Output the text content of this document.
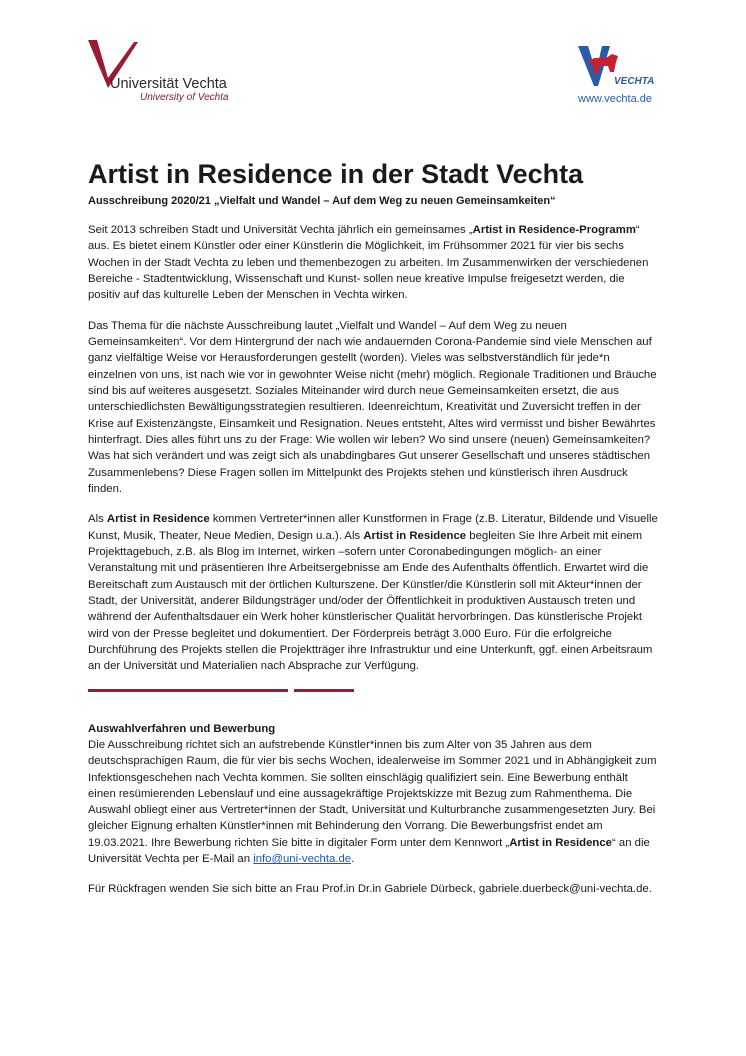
Universität Vechta
University of Vechta
VECHTA
www.vechta.de
Artist in Residence in der Stadt Vechta
Ausschreibung 2020/21 „Vielfalt und Wandel – Auf dem Weg zu neuen Gemeinsamkeiten“

Seit 2013 schreiben Stadt und Universität Vechta jährlich ein gemeinsames „Artist in Residence-Programm“ aus. Es bietet einem Künstler oder einer Künstlerin die Möglichkeit, im Frühsommer 2021 für vier bis sechs Wochen in der Stadt Vechta zu leben und themenbezogen zu arbeiten. Im Zusammenwirken der verschiedenen Bereiche - Stadtentwicklung, Wissenschaft und Kunst- sollen neue kreative Impulse freigesetzt werden, die positiv auf das kulturelle Leben der Menschen in Vechta wirken.

Das Thema für die nächste Ausschreibung lautet „Vielfalt und Wandel – Auf dem Weg zu neuen Gemeinsamkeiten“. Vor dem Hintergrund der nach wie andauernden Corona-Pandemie sind viele Menschen auf ganz vielfältige Weise vor Herausforderungen gestellt (worden). Vieles was selbstverständlich für jede*n einzelnen von uns, ist nach wie vor in gewohnter Weise nicht (mehr) möglich. Regionale Traditionen und Bräuche sind bis auf weiteres ausgesetzt. Soziales Miteinander wird durch neue Gemeinsamkeiten ersetzt, die aus unterschiedlichsten Bewältigungsstrategien resultieren. Ideenreichtum, Kreativität und Zuversicht treffen in der Krise auf Existenzängste, Einsamkeit und Resignation. Neues entsteht, Altes wird vermisst und bisher Bewährtes hinterfragt. Dies alles führt uns zu der Frage: Wie wollen wir leben? Wo sind unsere (neuen) Gemeinsamkeiten? Was hat sich verändert und was zeigt sich als unabdingbares Gut unserer Gesellschaft und unseres städtischen Zusammenlebens? Diese Fragen sollen im Mittelpunkt des Projekts stehen und künstlerisch ihren Ausdruck finden.

Als Artist in Residence kommen Vertreter*innen aller Kunstformen in Frage (z.B. Literatur, Bildende und Visuelle Kunst, Musik, Theater, Neue Medien, Design u.a.). Als Artist in Residence begleiten Sie Ihre Arbeit mit einem Projekttagebuch, z.B. als Blog im Internet, wirken –sofern unter Coronabedingungen möglich- an einer Veranstaltung mit und präsentieren Ihre Arbeitsergebnisse am Ende des Aufenthalts öffentlich. Erwartet wird die Bereitschaft zum Austausch mit der örtlichen Kulturszene. Der Künstler/die Künstlerin soll mit Akteur*innen der Stadt, der Universität, anderer Bildungsträger und/oder der Öffentlichkeit in produktiven Austausch treten und während der Aufenthaltsdauer ein Werk hoher künstlerischer Qualität hervorbringen. Das künstlerische Projekt wird von der Presse begleitet und dokumentiert. Der Förderpreis beträgt 3.000 Euro. Für die erfolgreiche Durchführung des Projekts stellen die Projektträger ihre Infrastruktur und eine Unterkunft, ggf. einen Arbeitsraum an der Universität und Materialien nach Absprache zur Verfügung.

Auswahlverfahren und Bewerbung
Die Ausschreibung richtet sich an aufstrebende Künstler*innen bis zum Alter von 35 Jahren aus dem deutschsprachigen Raum, die für vier bis sechs Wochen, idealerweise im Sommer 2021 und in Abhängigkeit zum Infektionsgeschehen nach Vechta kommen. Sie sollten einschlägig qualifiziert sein. Eine Bewerbung enthält einen resümierenden Lebenslauf und eine aussagekräftige Projektskizze mit Bezug zum Rahmenthema. Die Auswahl obliegt einer aus Vertreter*innen der Stadt, Universität und Kulturbranche zusammengesetzten Jury. Bei gleicher Eignung erhalten Künstler*innen mit Behinderung den Vorrang. Die Bewerbungsfrist endet am 19.03.2021. Ihre Bewerbung richten Sie bitte in digitaler Form unter dem Kennwort „Artist in Residence“ an die Universität Vechta per E-Mail an info@uni-vechta.de.

Für Rückfragen wenden Sie sich bitte an Frau Prof.in Dr.in Gabriele Dürbeck, gabriele.duerbeck@uni-vechta.de.
